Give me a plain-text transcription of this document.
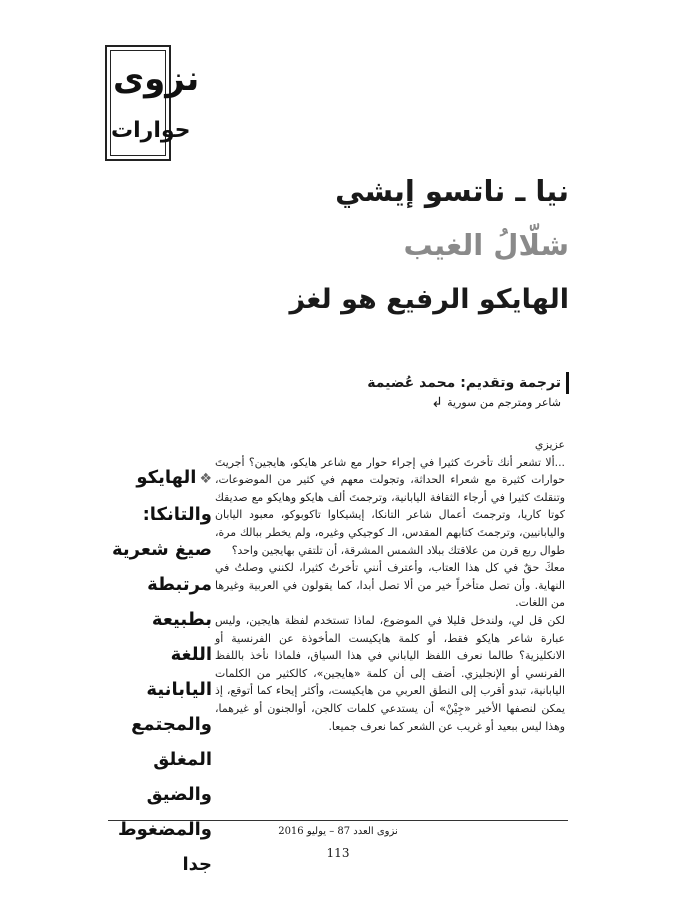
نزوى
حوارات
نيا ـ ناتسو إيشي
شلّالُ الغيب
الهايكو الرفيع هو لغز
ترجمة وتقديم: محمد عُضيمة
شاعر ومترجم من سورية
↲

عزيزي

...ألا تشعر أنك تأخرتَ كثيرا في إجراء حوار مع شاعر هايكو، هايجين؟ أجريتَ حوارات كثيرة مع شعراء الحداثة، وتجولت معهم في كثير من الموضوعات، وتنقلتَ كثيرا في أرجاء الثقافة اليابانية، وترجمتَ ألف هايكو وهايكو مع صديقك كوتا كاريا، وترجمتَ أعمال شاعر التانكا، إيشيكاوا تاكوبوكو، معبود اليابان واليابانيين، وترجمتَ كتابهم المقدس، الـ كوجيكي وغيره، ولم يخطر ببالك مرة، طوال ربع قرن من علاقتك ببلاد الشمس المشرقة، أن تلتقي بهايجين واحد؟

معكَ حقٌ في كل هذا العتاب، وأعترف أنني تأخرتُ كثيرا، لكنني وصلتُ في النهاية. وأن تصل متأخراً خير من ألا تصل أبدا، كما يقولون في العربية وغيرها من اللغات.

لكن قل لي، ولندخل قليلا في الموضوع، لماذا تستخدم لفظة هايجين، وليس عبارة شاعر هايكو فقط، أو كلمة هايكيست المأخوذة عن الفرنسية أو الانكليزية؟ طالما نعرف اللفظ الياباني في هذا السياق، فلماذا نأخذ باللفظ الفرنسي أو الإنجليزي. أضف إلى أن كلمة «هايجين»، كالكثير من الكلمات اليابانية، تبدو أقرب إلى النطق العربي من هايكيست، وأكثر إيحاء كما أتوقع، إذ يمكن لنصفها الأخير «جِيْنْ» أن يستدعي كلمات كالجن، أوالجنون أو غيرهما، وهذا ليس ببعيد أو غريب عن الشعر كما نعرف جميعا.

❖الهايكو والتانكا: صيغ شعرية مرتبطة بطبيعة اللغة اليابانية والمجتمع المغلق والضيق والمضغوط جدا
نزوى العدد 87 – يوليو 2016
113
